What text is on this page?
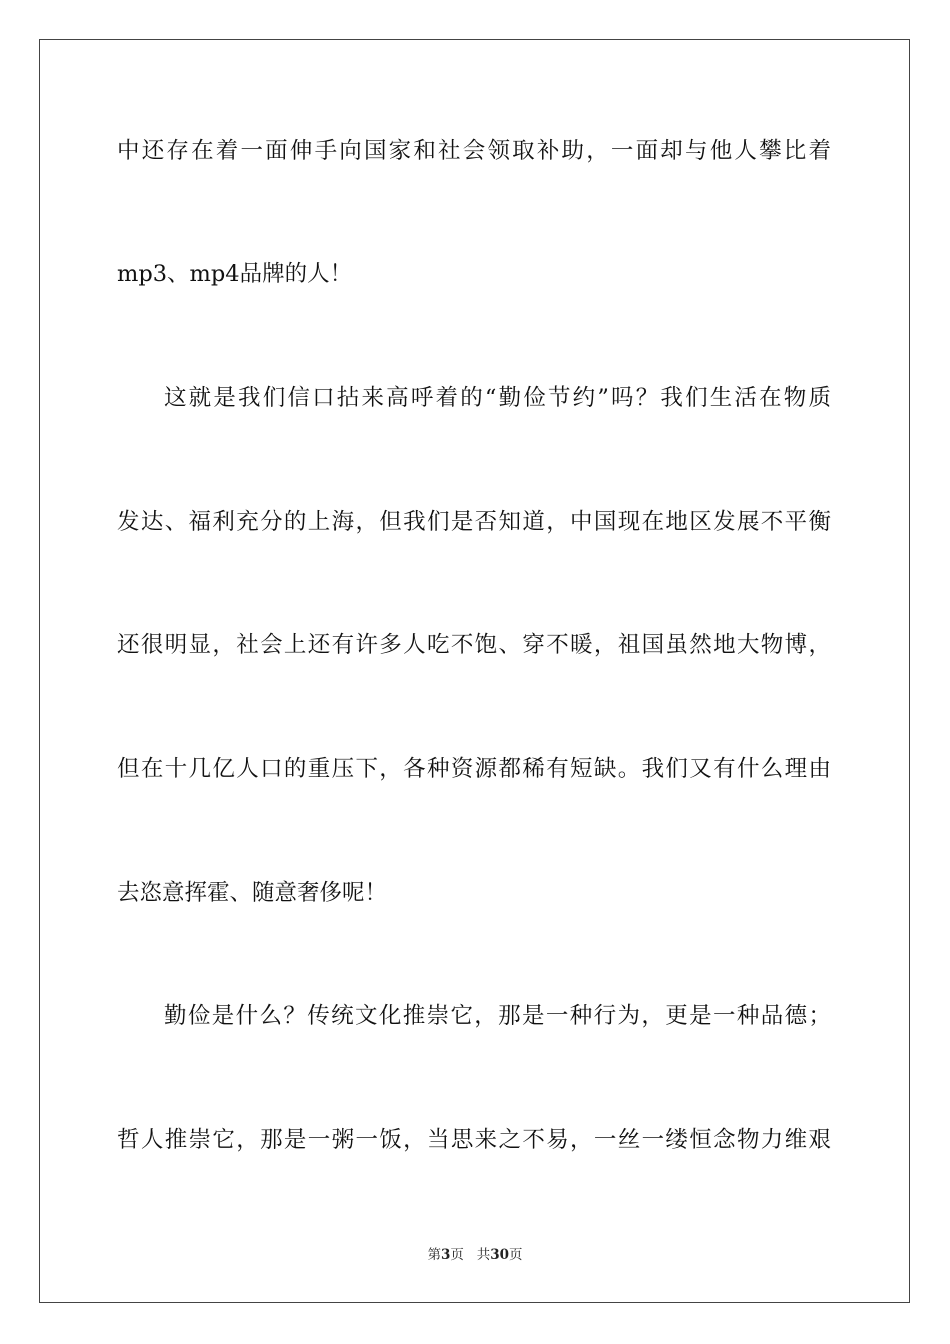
中还存在着一面伸手向国家和社会领取补助，一面却与他人攀比着
mp3、mp4品牌的人！
这就是我们信口拈来高呼着的“勤俭节约”吗？我们生活在物质
发达、福利充分的上海，但我们是否知道，中国现在地区发展不平衡
还很明显，社会上还有许多人吃不饱、穿不暖，祖国虽然地大物博，
但在十几亿人口的重压下，各种资源都稀有短缺。我们又有什么理由
去恣意挥霍、随意奢侈呢！
勤俭是什么？传统文化推崇它，那是一种行为，更是一种品德；
哲人推崇它，那是一粥一饭，当思来之不易，一丝一缕恒念物力维艰
第3页 共30页
